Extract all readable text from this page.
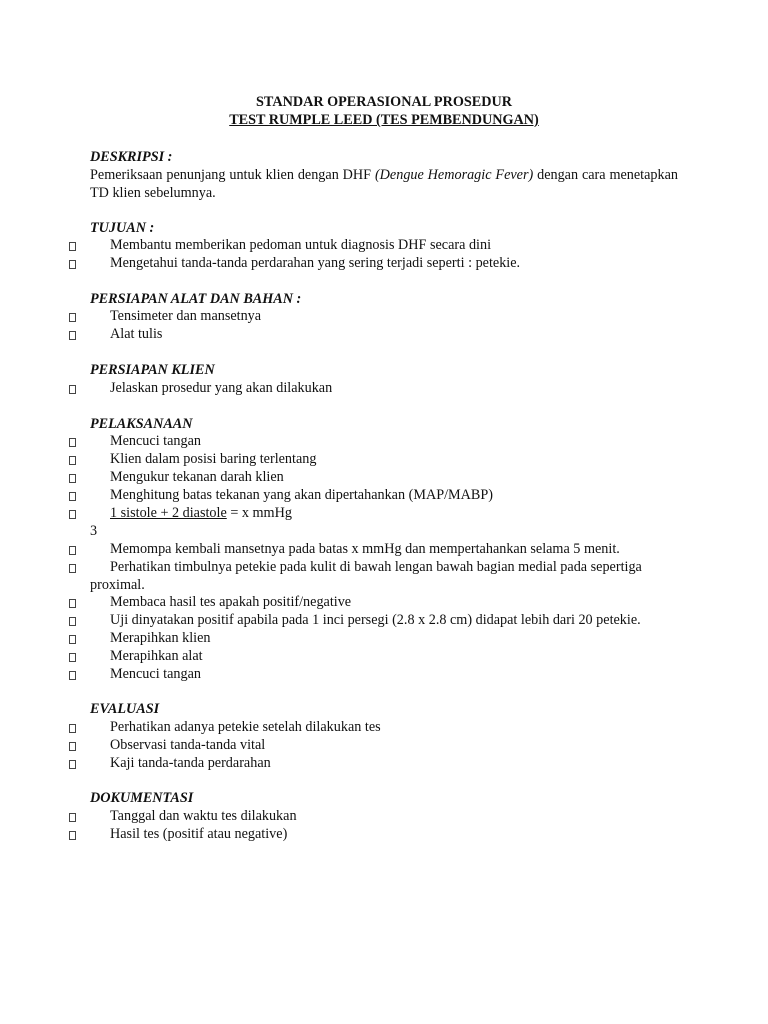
STANDAR OPERASIONAL PROSEDUR
TEST RUMPLE LEED (TES PEMBENDUNGAN)
DESKRIPSI :
Pemeriksaan penunjang untuk klien dengan DHF (Dengue Hemoragic Fever) dengan cara menetapkan TD klien sebelumnya.
TUJUAN :
Membantu memberikan pedoman untuk diagnosis DHF secara dini
Mengetahui tanda-tanda perdarahan yang sering terjadi seperti : petekie.
PERSIAPAN ALAT DAN BAHAN :
Tensimeter dan mansetnya
Alat tulis
PERSIAPAN KLIEN
Jelaskan prosedur yang akan dilakukan
PELAKSANAAN
Mencuci tangan
Klien dalam posisi baring terlentang
Mengukur tekanan darah klien
Menghitung batas tekanan yang akan dipertahankan (MAP/MABP)
1 sistole + 2 diastole = x mmHg
3
Memompa kembali mansetnya pada batas x mmHg dan mempertahankan selama 5 menit.
Perhatikan timbulnya petekie pada kulit di bawah lengan bawah bagian medial pada sepertiga
proximal.
Membaca hasil tes apakah positif/negative
Uji dinyatakan positif apabila pada 1 inci persegi (2.8 x 2.8 cm) didapat lebih dari 20 petekie.
Merapihkan klien
Merapihkan alat
Mencuci tangan
EVALUASI
Perhatikan adanya petekie setelah dilakukan tes
Observasi tanda-tanda vital
Kaji tanda-tanda perdarahan
DOKUMENTASI
Tanggal dan waktu tes dilakukan
Hasil tes (positif atau negative)
